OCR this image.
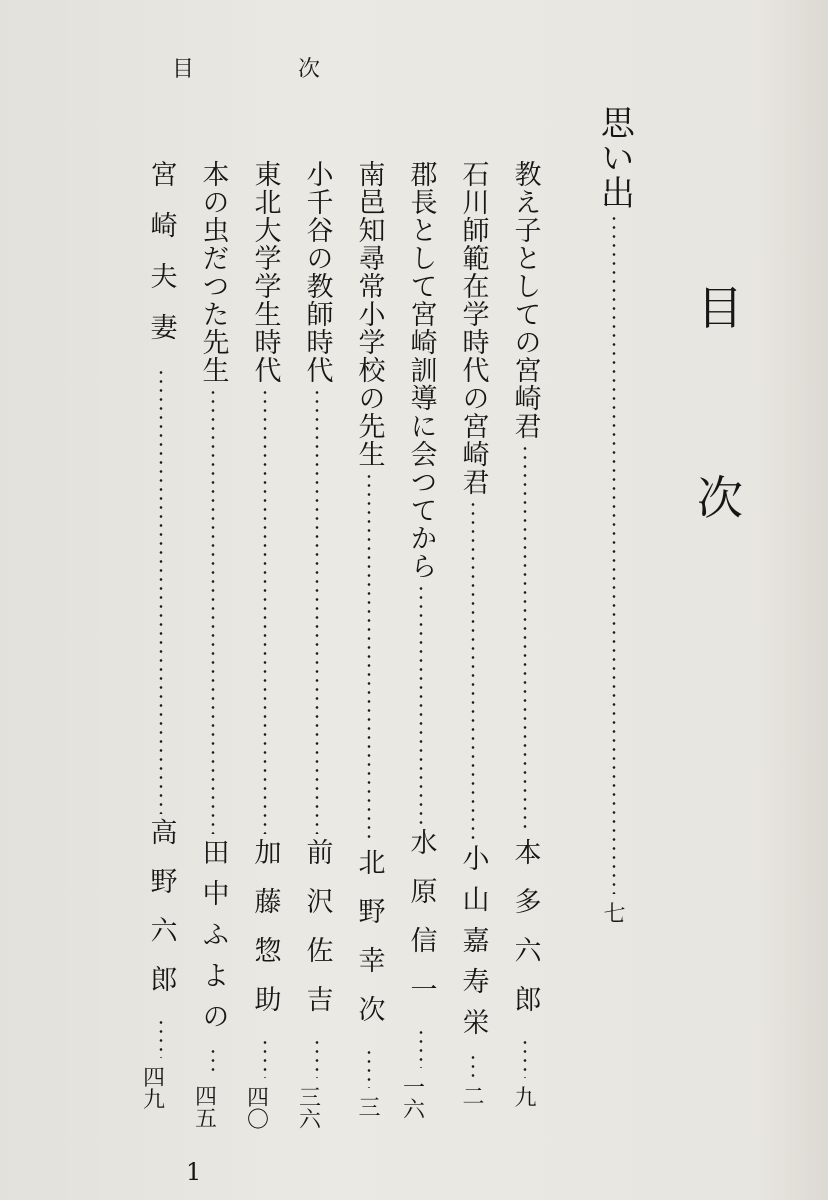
目	次
目
次
思い出
七
教え子としての宮崎君
本多六郎
九
石川師範在学時代の宮崎君
小山嘉寿栄
二
郡長として宮崎訓導に会つてから
水原信一
一六
南邑知尋常小学校の先生
北野幸次
三
小千谷の教師時代
前沢佐吉
三六
東北大学学生時代
加藤惣助
四〇
本の虫だつた先生
田中ふよの
四五
宮崎夫妻
高野六郎
四九
1
